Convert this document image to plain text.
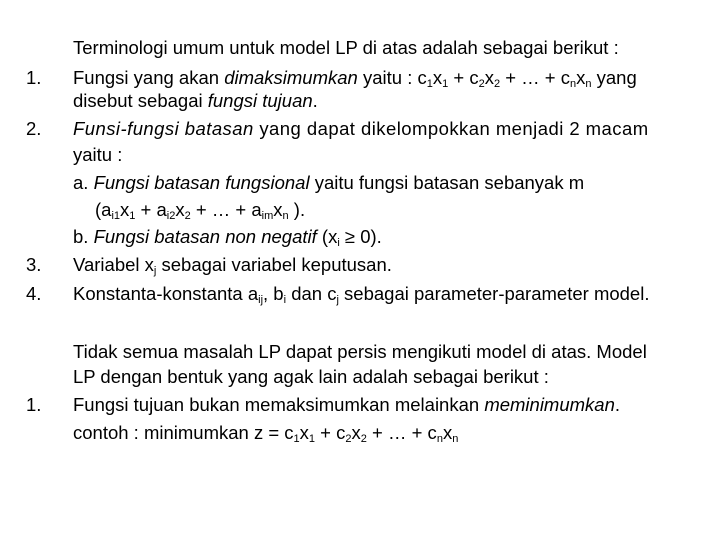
Terminologi umum untuk model LP di atas adalah sebagai berikut :
1. Fungsi yang akan dimaksimumkan yaitu : $c_1x_1 + c_2x_2$ + … + $c_nx_n$ yang
disebut sebagai fungsi tujuan.
2. Funsi-fungsi batasan yang dapat dikelompokkan menjadi 2 macam
yaitu :
a. Fungsi batasan fungsional yaitu fungsi batasan sebanyak m
($a_{i1}x_1 + a_{i2}x_2$ + … + $a_{im}x_n$ ).
b. Fungsi batasan non negatif $(x_i \ge 0)$.
3. Variabel $x_j$ sebagai variabel keputusan.
4. Konstanta-konstanta $a_{ij}$, $b_i$ dan $c_j$ sebagai parameter-parameter model.
Tidak semua masalah LP dapat persis mengikuti model di atas. Model
LP dengan bentuk yang agak lain adalah sebagai berikut :
1. Fungsi tujuan bukan memaksimumkan melainkan meminimumkan.
contoh : minimumkan $z = c_1x_1 + c_2x_2$ + … + $c_nx_n$
